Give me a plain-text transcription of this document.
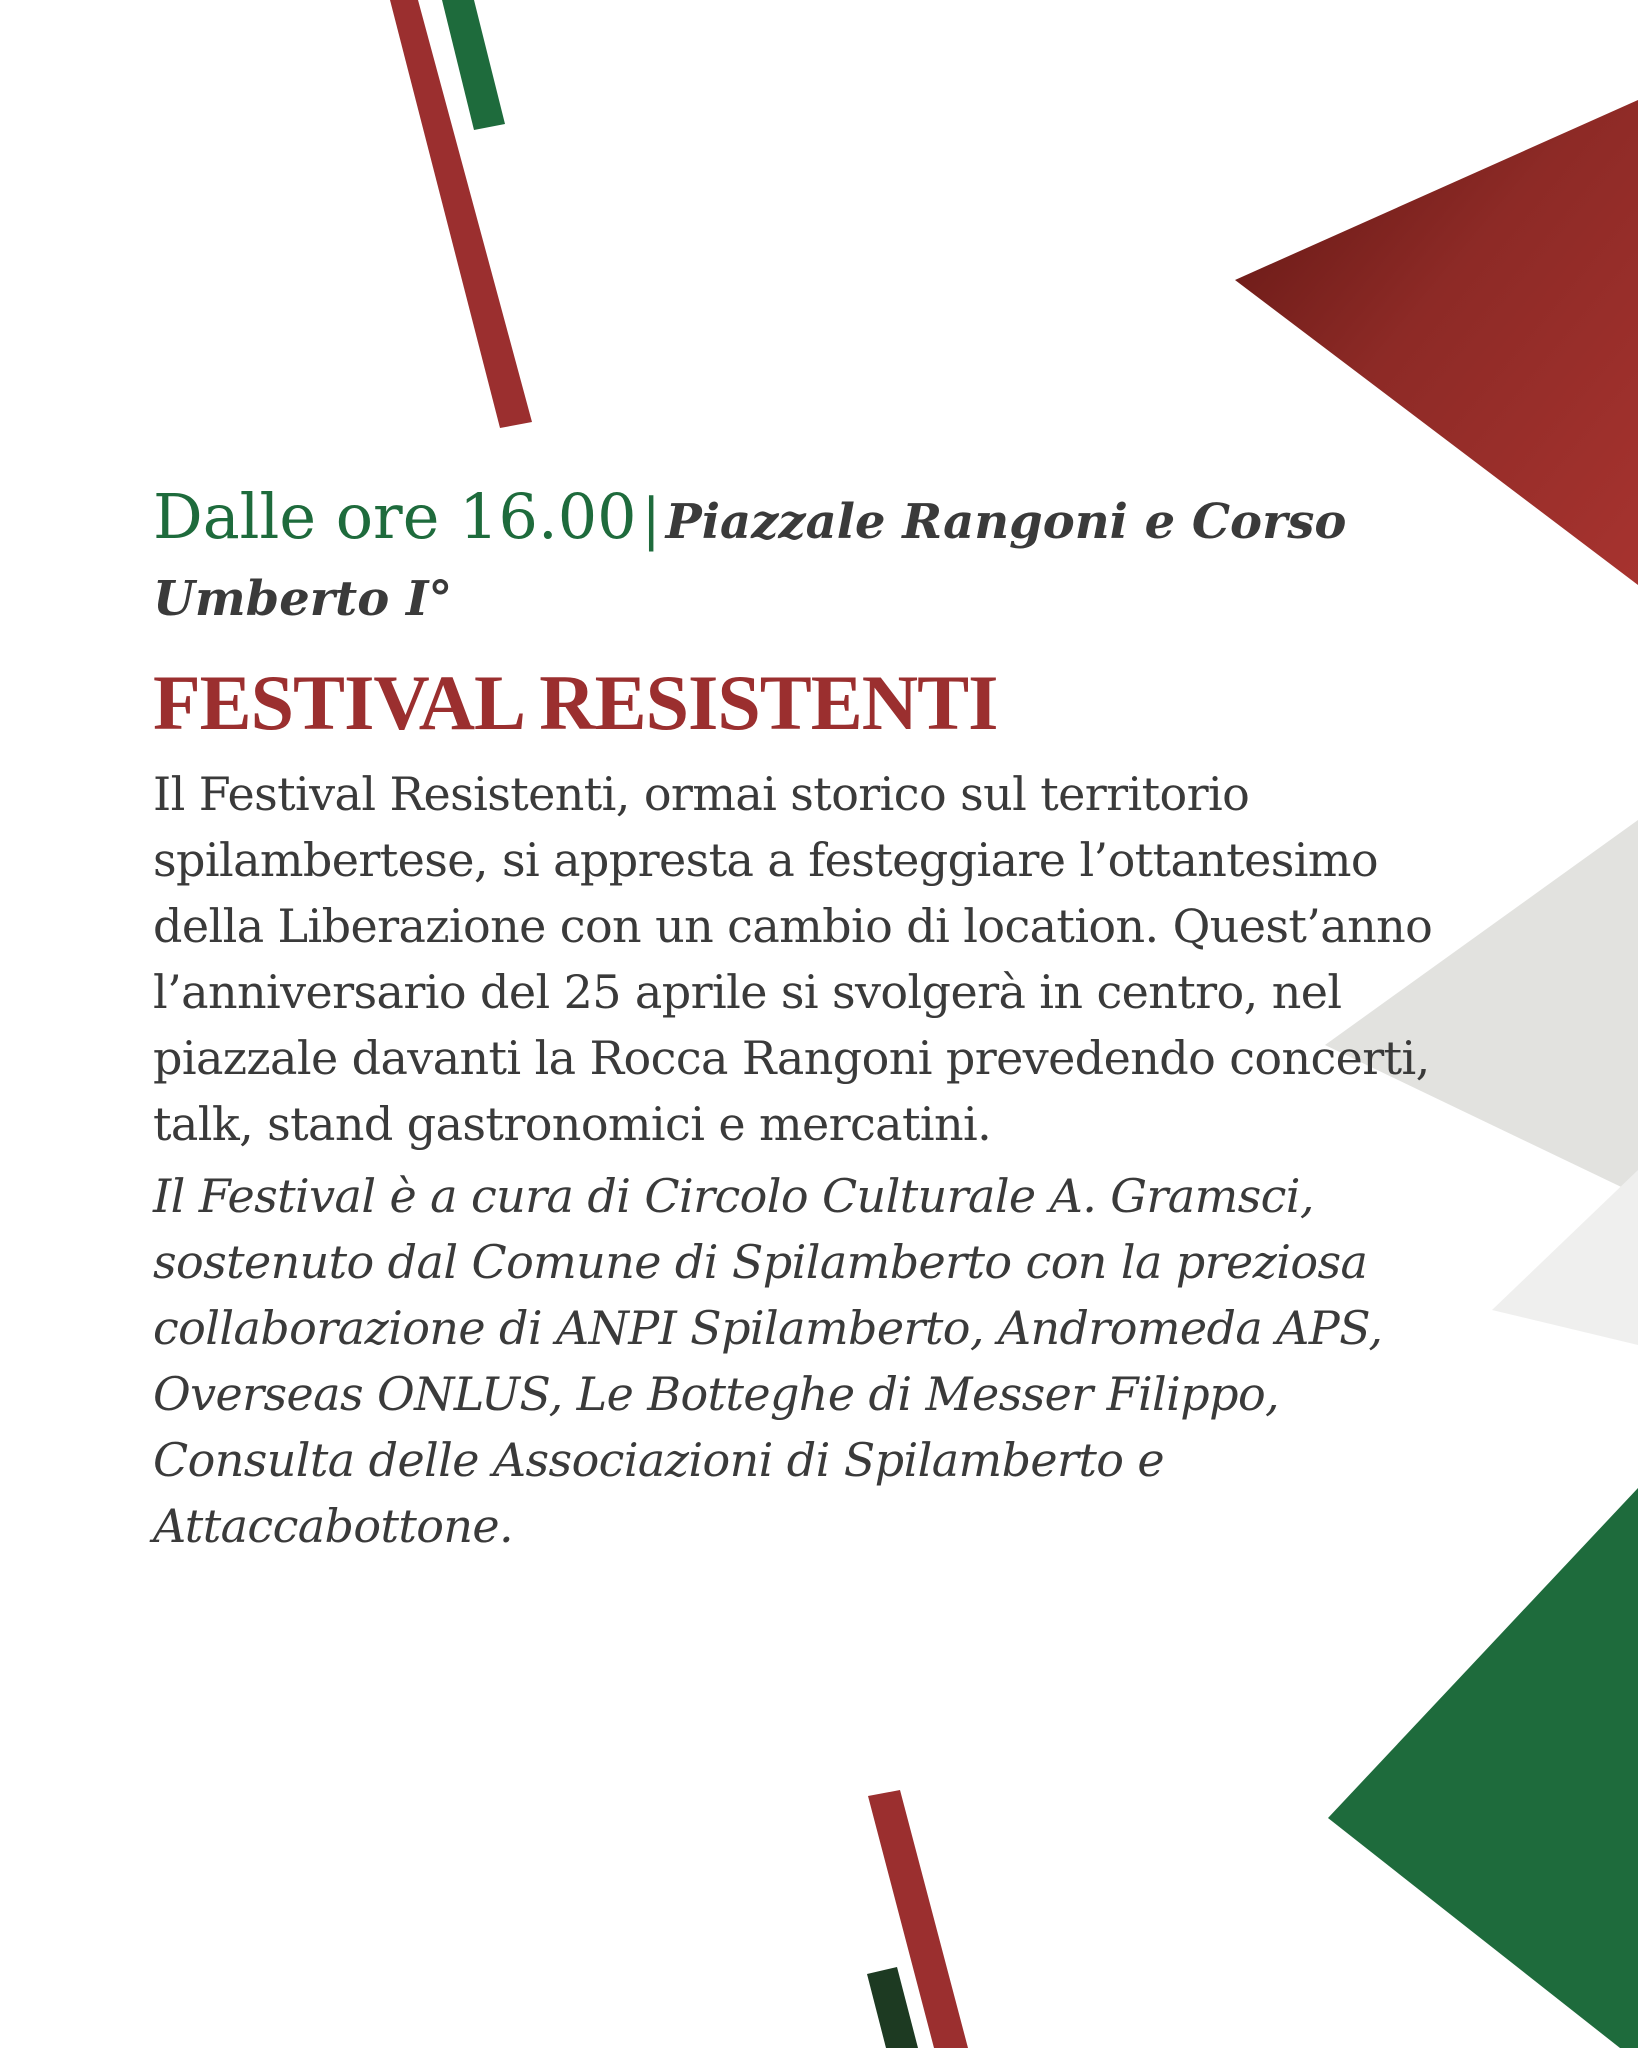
Dalle ore 16.00 | Piazzale Rangoni e Corso Umberto I°

FESTIVAL RESISTENTI

Il Festival Resistenti, ormai storico sul territorio spilambertese, si appresta a festeggiare l’ottantesimo della Liberazione con un cambio di location. Quest’anno l’anniversario del 25 aprile si svolgerà in centro, nel piazzale davanti la Rocca Rangoni prevedendo concerti, talk, stand gastronomici e mercatini.

Il Festival è a cura di Circolo Culturale A. Gramsci, sostenuto dal Comune di Spilamberto con la preziosa collaborazione di ANPI Spilamberto, Andromeda APS, Overseas ONLUS, Le Botteghe di Messer Filippo, Consulta delle Associazioni di Spilamberto e Attaccabottone.
